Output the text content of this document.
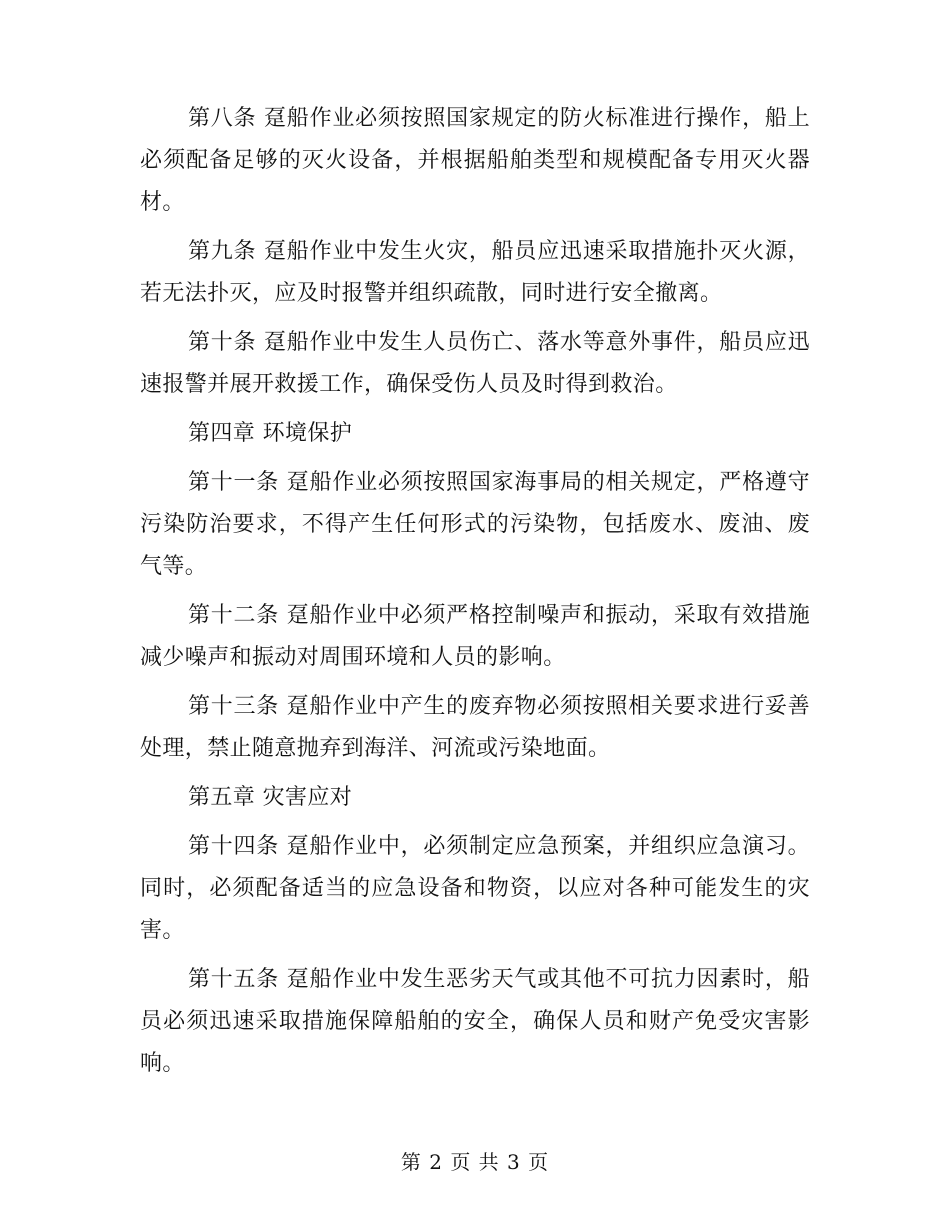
第八条 趸船作业必须按照国家规定的防火标准进行操作，船上必须配备足够的灭火设备，并根据船舶类型和规模配备专用灭火器材。

第九条 趸船作业中发生火灾，船员应迅速采取措施扑灭火源，若无法扑灭，应及时报警并组织疏散，同时进行安全撤离。

第十条 趸船作业中发生人员伤亡、落水等意外事件，船员应迅速报警并展开救援工作，确保受伤人员及时得到救治。

第四章 环境保护

第十一条 趸船作业必须按照国家海事局的相关规定，严格遵守污染防治要求，不得产生任何形式的污染物，包括废水、废油、废气等。

第十二条 趸船作业中必须严格控制噪声和振动，采取有效措施减少噪声和振动对周围环境和人员的影响。

第十三条 趸船作业中产生的废弃物必须按照相关要求进行妥善处理，禁止随意抛弃到海洋、河流或污染地面。

第五章 灾害应对

第十四条 趸船作业中，必须制定应急预案，并组织应急演习。同时，必须配备适当的应急设备和物资，以应对各种可能发生的灾害。

第十五条 趸船作业中发生恶劣天气或其他不可抗力因素时，船员必须迅速采取措施保障船舶的安全，确保人员和财产免受灾害影响。

第 2 页 共 3 页
